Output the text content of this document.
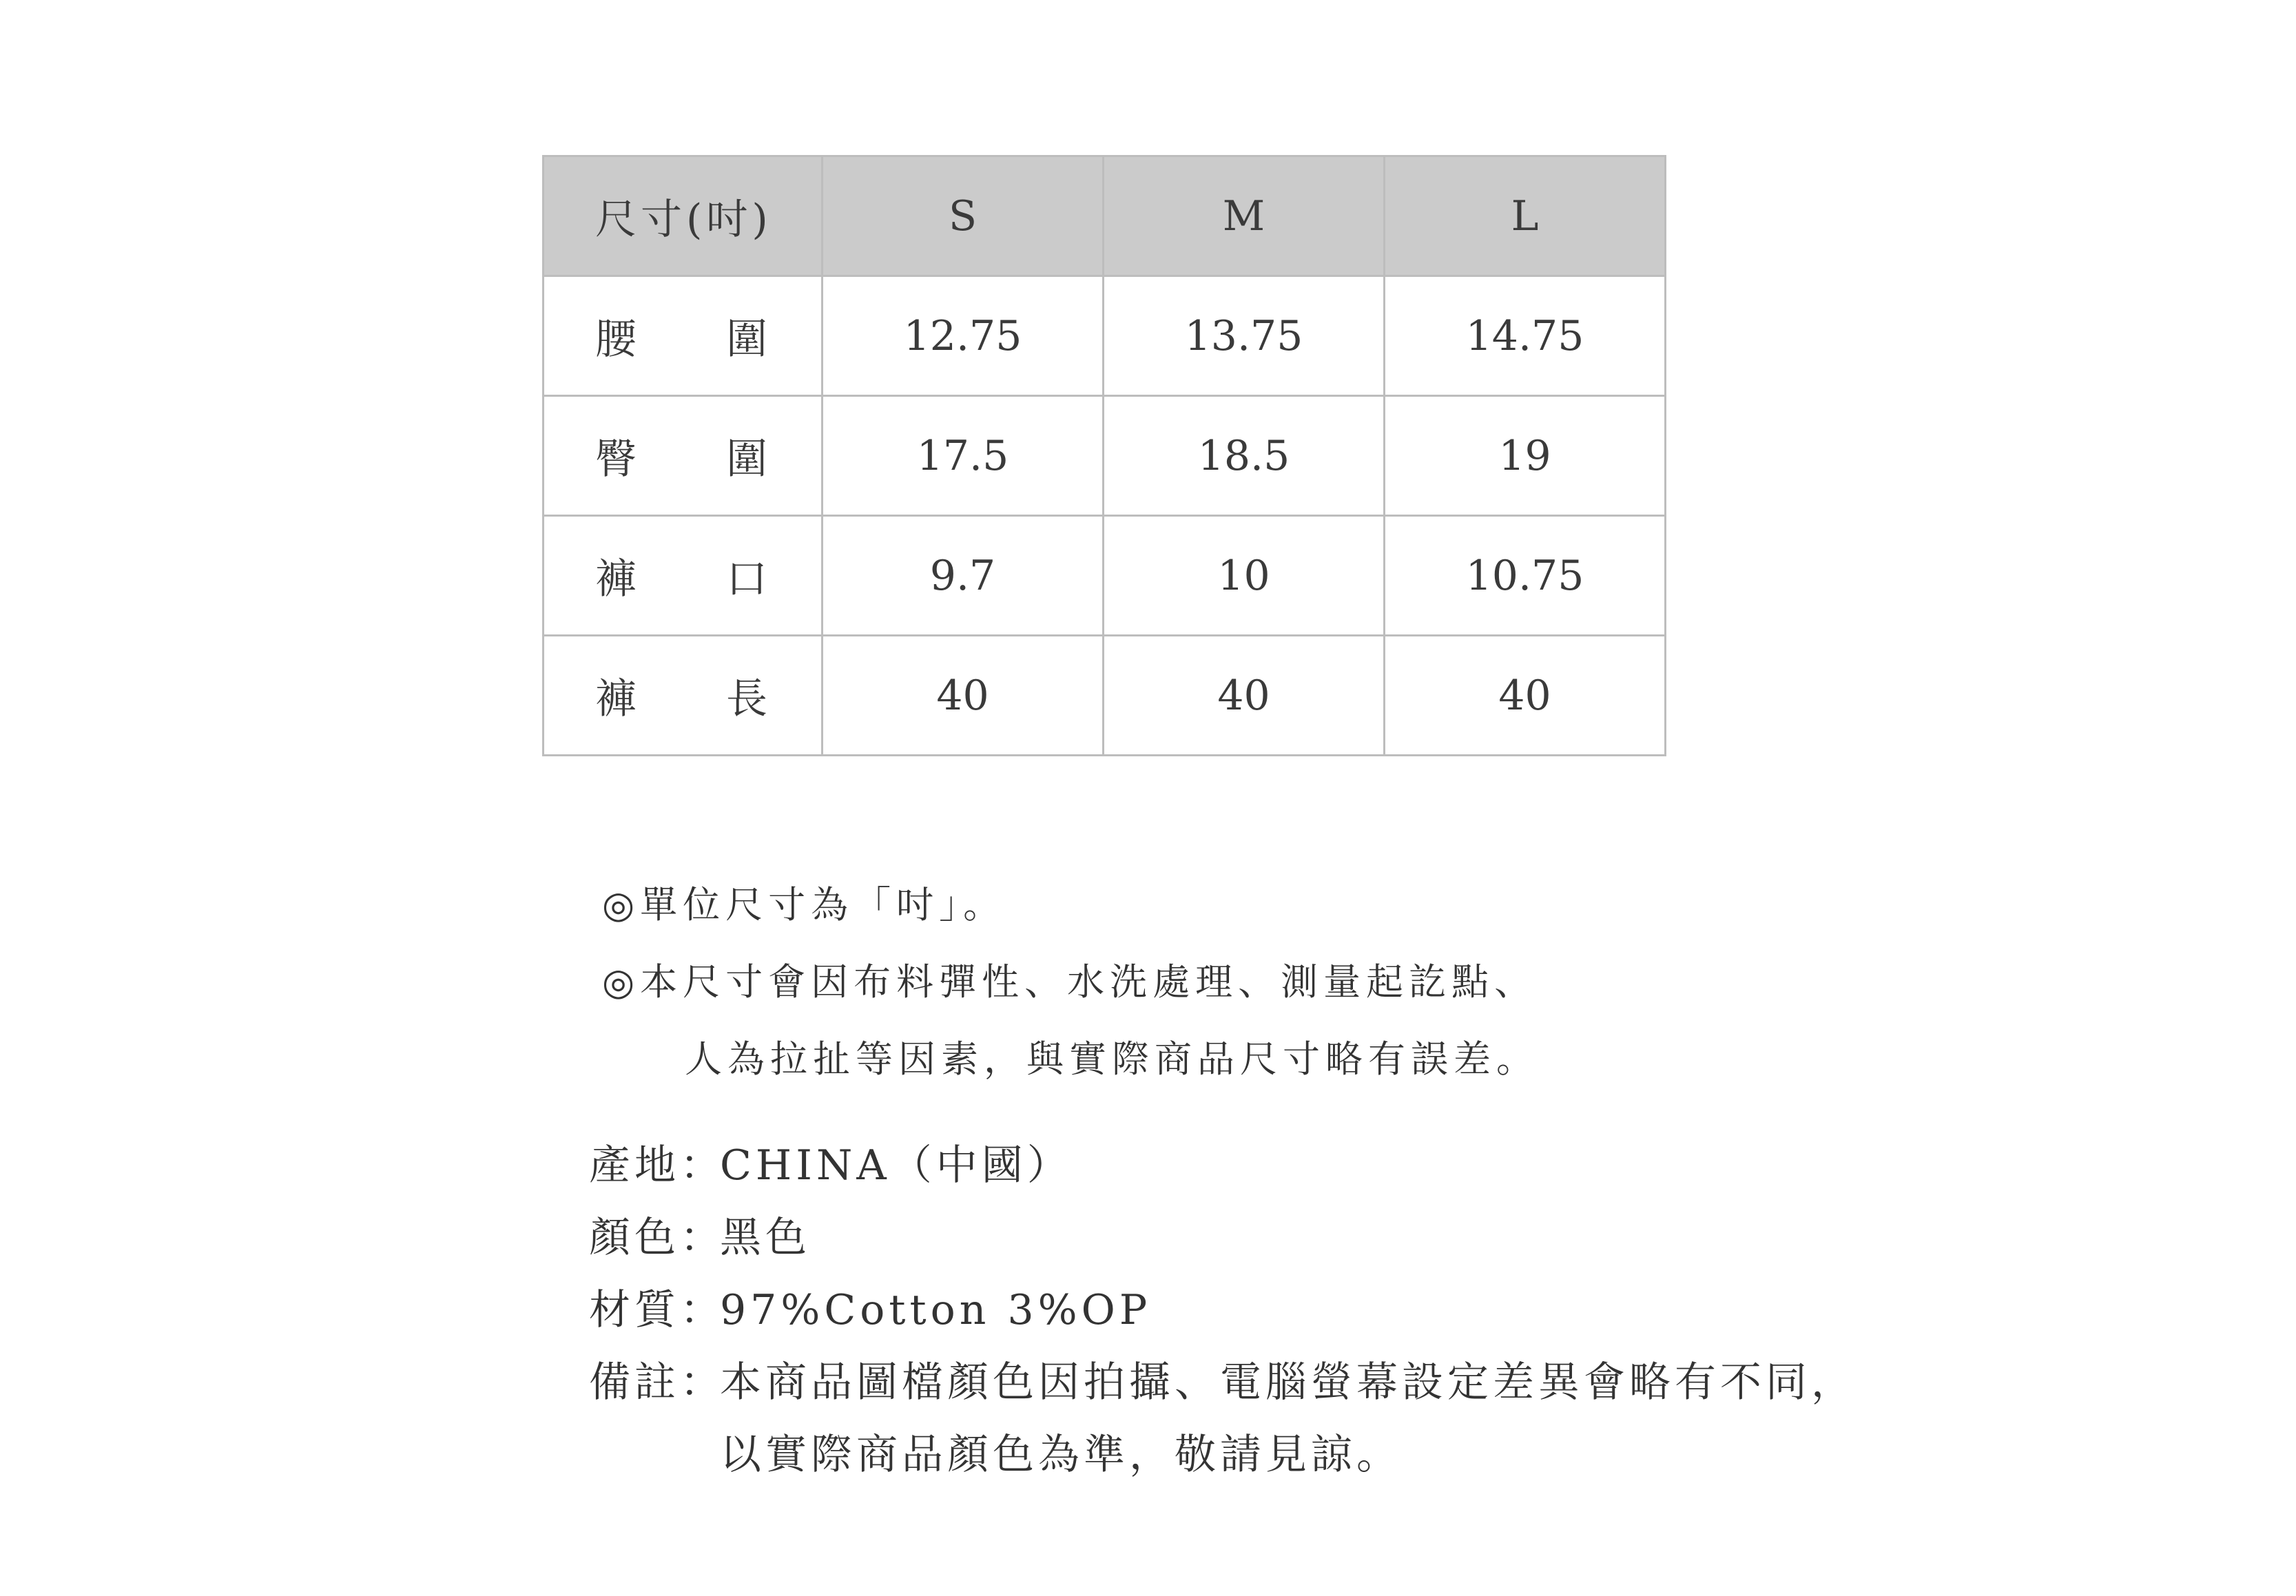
尺寸(吋)	S	M	L

腰 圍	12.75	13.75	14.75

臀 圍	17.5	18.5	19

褲 口	9.7	10	10.75

褲 長	40	40	40
◎單位尺寸為「吋」。
◎本尺寸會因布料彈性、水洗處理、測量起訖點、
人為拉扯等因素，與實際商品尺寸略有誤差。
產地：
CHINA（中國）
顏色：
黑色
材質：
97%Cotton 3%OP
備註：
本商品圖檔顏色因拍攝、電腦螢幕設定差異會略有不同，
以實際商品顏色為準，敬請見諒。
